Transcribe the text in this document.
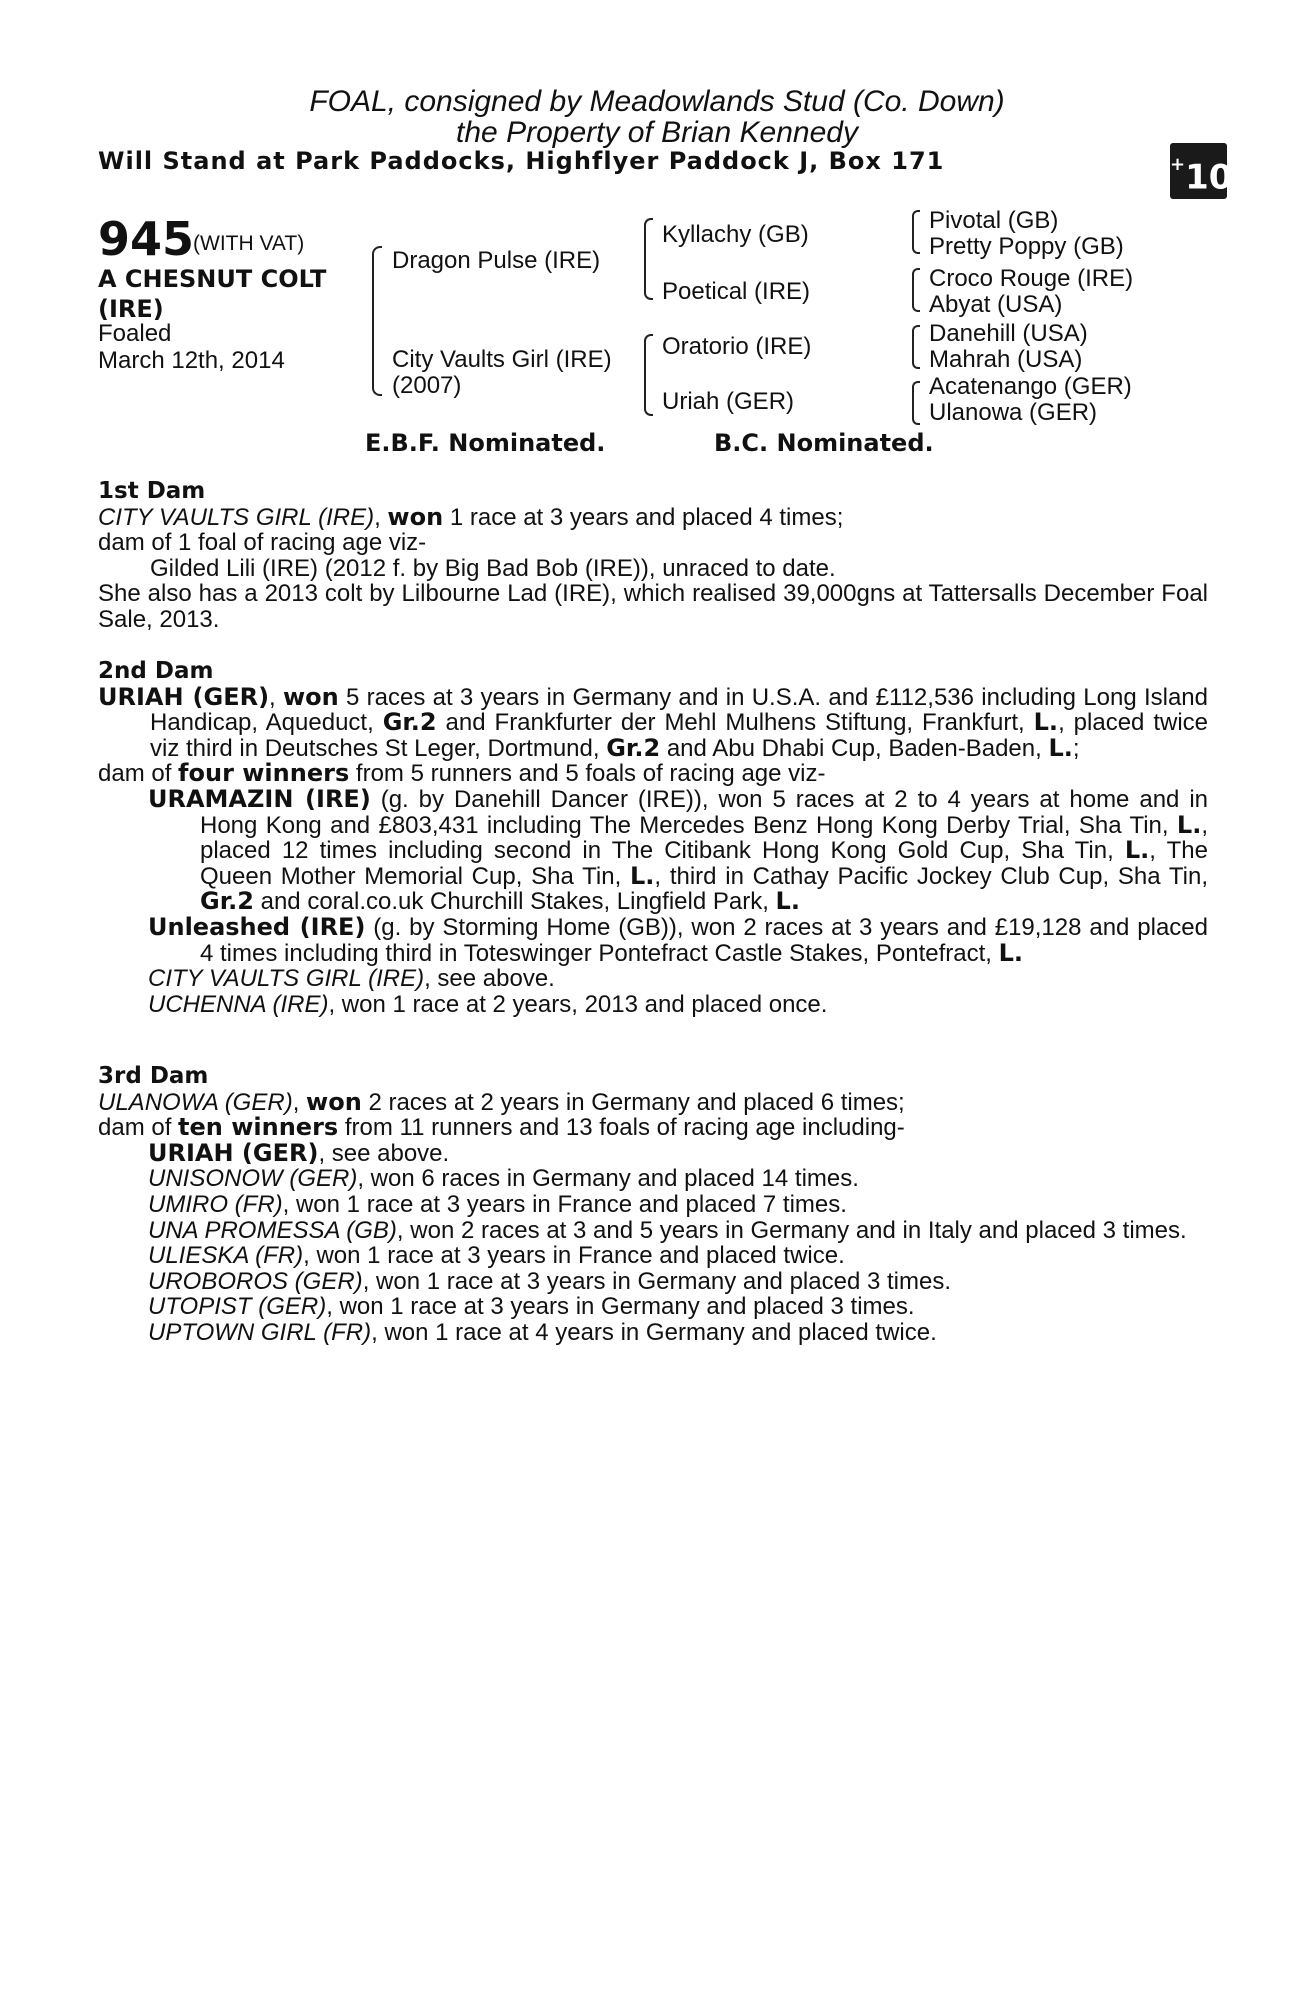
FOAL, consigned by Meadowlands Stud (Co. Down)
the Property of Brian Kennedy
Will Stand at Park Paddocks, Highflyer Paddock J, Box 171	+10
945
(WITH VAT)
A CHESNUT COLT
(IRE)
Foaled
March 12th, 2014
Dragon Pulse (IRE)
City Vaults Girl (IRE)
(2007)
Kyllachy (GB)
Poetical (IRE)
Oratorio (IRE)
Uriah (GER)
Pivotal (GB)
Pretty Poppy (GB)
Croco Rouge (IRE)
Abyat (USA)
Danehill (USA)
Mahrah (USA)
Acatenango (GER)
Ulanowa (GER)
E.B.F. Nominated.	B.C. Nominated.

1st Dam

CITY VAULTS GIRL (IRE), won 1 race at 3 years and placed 4 times;

dam of 1 foal of racing age viz-

Gilded Lili (IRE) (2012 f. by Big Bad Bob (IRE)), unraced to date.

She also has a 2013 colt by Lilbourne Lad (IRE), which realised 39,000gns at Tattersalls December Foal Sale, 2013.

2nd Dam

URIAH (GER), won 5 races at 3 years in Germany and in U.S.A. and £112,536 including Long Island Handicap, Aqueduct, Gr.2 and Frankfurter der Mehl Mulhens Stiftung, Frankfurt, L., placed twice viz third in Deutsches St Leger, Dortmund, Gr.2 and Abu Dhabi Cup, Baden-Baden, L.;

dam of four winners from 5 runners and 5 foals of racing age viz-

URAMAZIN (IRE) (g. by Danehill Dancer (IRE)), won 5 races at 2 to 4 years at home and in Hong Kong and £803,431 including The Mercedes Benz Hong Kong Derby Trial, Sha Tin, L., placed 12 times including second in The Citibank Hong Kong Gold Cup, Sha Tin, L., The Queen Mother Memorial Cup, Sha Tin, L., third in Cathay Pacific Jockey Club Cup, Sha Tin, Gr.2 and coral.co.uk Churchill Stakes, Lingfield Park, L.

Unleashed (IRE) (g. by Storming Home (GB)), won 2 races at 3 years and £19,128 and placed 4 times including third in Toteswinger Pontefract Castle Stakes, Pontefract, L.

CITY VAULTS GIRL (IRE), see above.

UCHENNA (IRE), won 1 race at 2 years, 2013 and placed once.

3rd Dam

ULANOWA (GER), won 2 races at 2 years in Germany and placed 6 times;

dam of ten winners from 11 runners and 13 foals of racing age including-

URIAH (GER), see above.

UNISONOW (GER), won 6 races in Germany and placed 14 times.

UMIRO (FR), won 1 race at 3 years in France and placed 7 times.

UNA PROMESSA (GB), won 2 races at 3 and 5 years in Germany and in Italy and placed 3 times.

ULIESKA (FR), won 1 race at 3 years in France and placed twice.

UROBOROS (GER), won 1 race at 3 years in Germany and placed 3 times.

UTOPIST (GER), won 1 race at 3 years in Germany and placed 3 times.

UPTOWN GIRL (FR), won 1 race at 4 years in Germany and placed twice.
